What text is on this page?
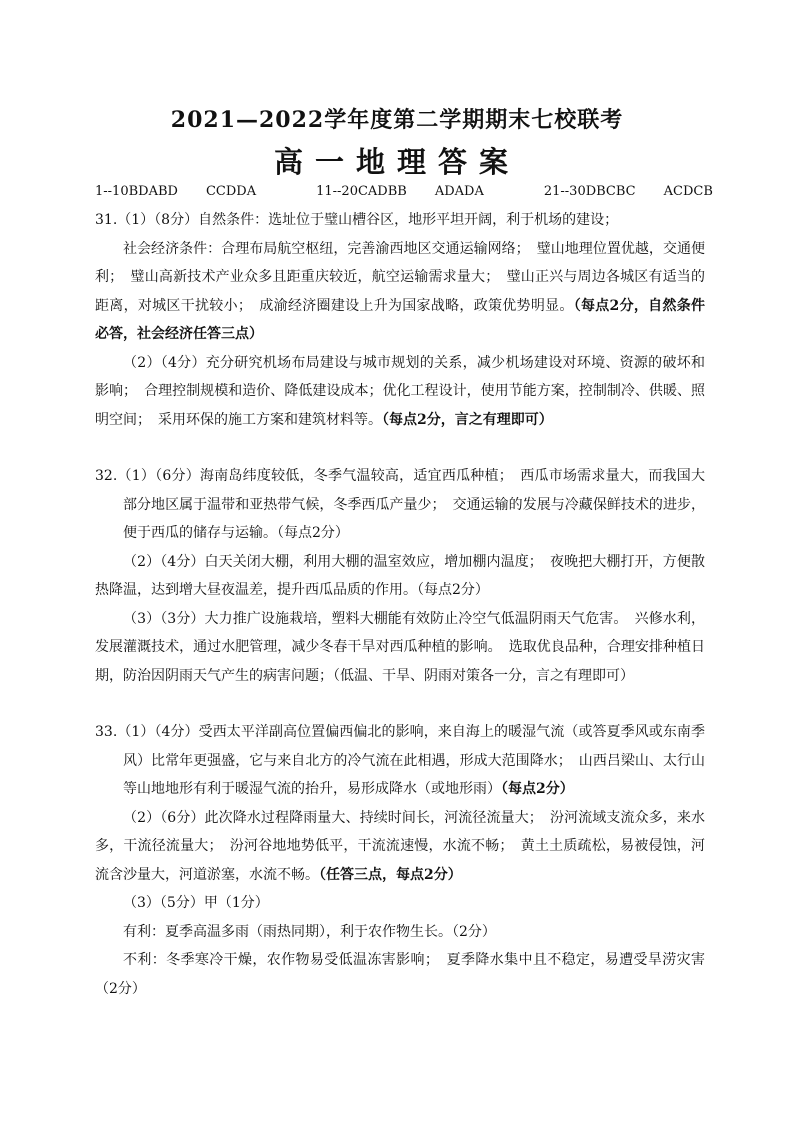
2021—2022学年度第二学期期末七校联考
高一地理答案
1--10BDABD CCDDA	11--20CADBB ADADA	21--30DBCBC ACDCB

31.（1）（8分）自然条件：选址位于璧山槽谷区，地形平坦开阔，利于机场的建设；

社会经济条件：合理布局航空枢纽，完善渝西地区交通运输网络；　璧山地理位置优越，交通便利；　璧山高新技术产业众多且距重庆较近，航空运输需求量大；　璧山正兴与周边各城区有适当的距离，对城区干扰较小；　成渝经济圈建设上升为国家战略，政策优势明显。（每点2分，自然条件必答，社会经济任答三点）

（2）（4分）充分研究机场布局建设与城市规划的关系，减少机场建设对环境、资源的破坏和影响；　合理控制规模和造价、降低建设成本；优化工程设计，使用节能方案，控制制冷、供暖、照明空间；　采用环保的施工方案和建筑材料等。（每点2分，言之有理即可）

32.（1）（6分）海南岛纬度较低，冬季气温较高，适宜西瓜种植；　西瓜市场需求量大，而我国大部分地区属于温带和亚热带气候，冬季西瓜产量少；　交通运输的发展与冷藏保鲜技术的进步，便于西瓜的储存与运输。（每点2分）

（2）（4分）白天关闭大棚，利用大棚的温室效应，增加棚内温度；　夜晚把大棚打开，方便散热降温，达到增大昼夜温差，提升西瓜品质的作用。（每点2分）

（3）（3分）大力推广设施栽培，塑料大棚能有效防止冷空气低温阴雨天气危害。　兴修水利，发展灌溉技术，通过水肥管理，减少冬春干旱对西瓜种植的影响。　选取优良品种，合理安排种植日期，防治因阴雨天气产生的病害问题；（低温、干旱、阴雨对策各一分，言之有理即可）

33.（1）（4分）受西太平洋副高位置偏西偏北的影响，来自海上的暖湿气流（或答夏季风或东南季风）比常年更强盛，它与来自北方的冷气流在此相遇，形成大范围降水；　山西吕梁山、太行山等山地地形有利于暖湿气流的抬升，易形成降水（或地形雨）（每点2分）

（2）（6分）此次降水过程降雨量大、持续时间长，河流径流量大；　汾河流域支流众多，来水多，干流径流量大；　汾河谷地地势低平，干流流速慢，水流不畅；　黄土土质疏松，易被侵蚀，河流含沙量大，河道淤塞，水流不畅。（任答三点，每点2分）

（3）（5分）甲（1分）

有利：夏季高温多雨（雨热同期），利于农作物生长。（2分）

不利：冬季寒冷干燥，农作物易受低温冻害影响；　夏季降水集中且不稳定，易遭受旱涝灾害（2分）
